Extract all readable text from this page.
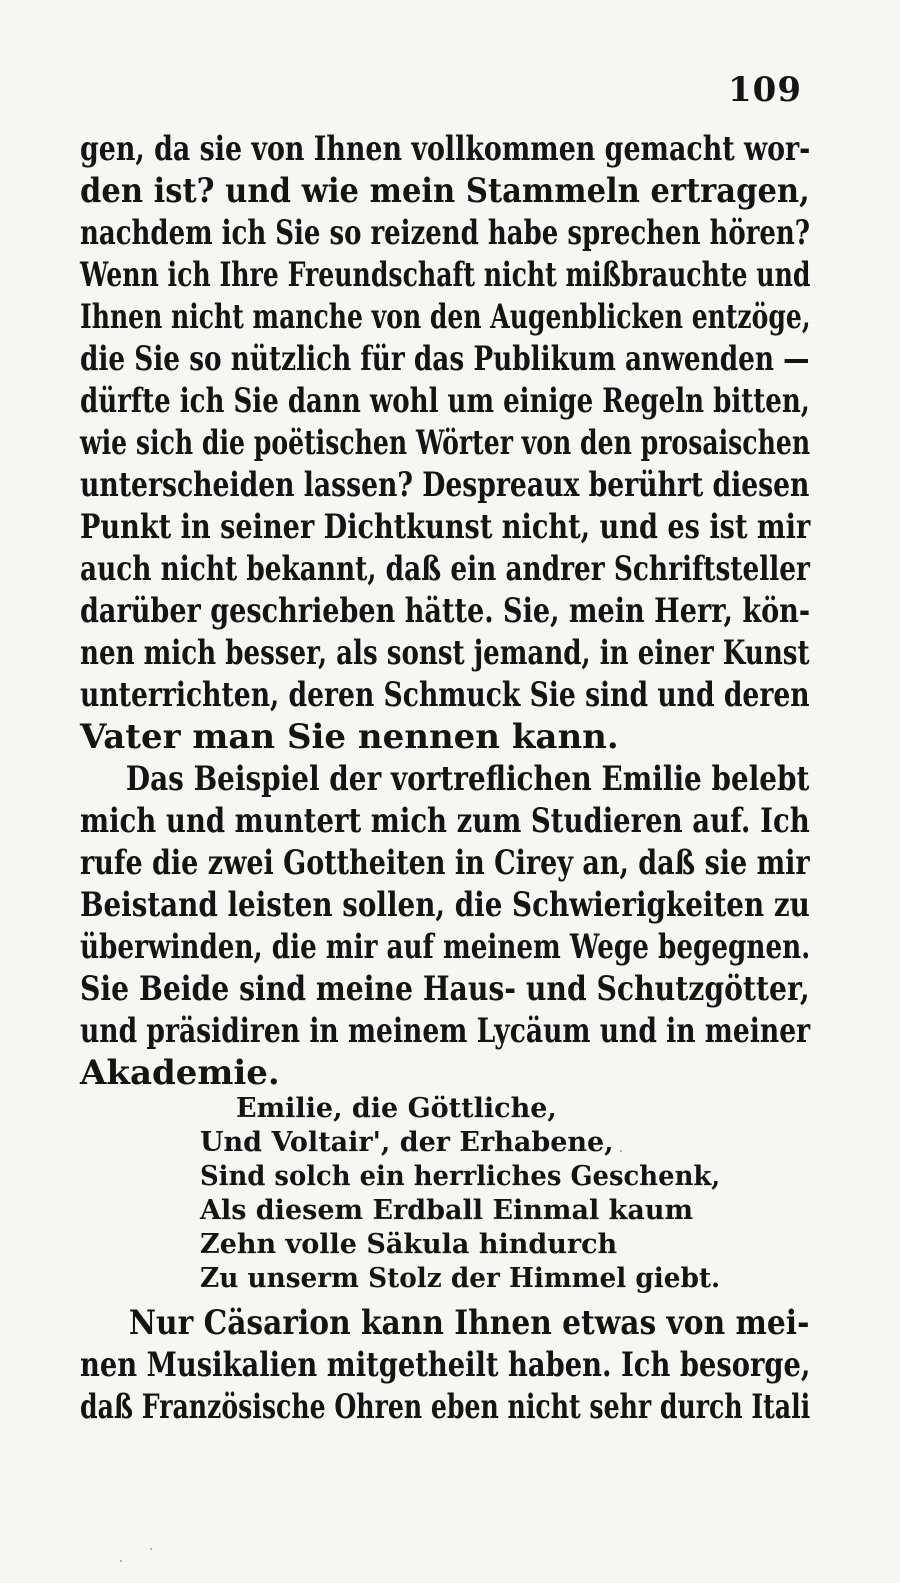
109
gen, da sie von Ihnen vollkommen gemacht wor-
den ist? und wie mein Stammeln ertragen,
nachdem ich Sie so reizend habe sprechen hören?
Wenn ich Ihre Freundschaft nicht mißbrauchte und
Ihnen nicht manche von den Augenblicken entzöge,
die Sie so nützlich für das Publikum anwenden —
dürfte ich Sie dann wohl um einige Regeln bitten,
wie sich die poëtischen Wörter von den prosaischen
unterscheiden lassen? Despreaux berührt diesen
Punkt in seiner Dichtkunst nicht, und es ist mir
auch nicht bekannt, daß ein andrer Schriftsteller
darüber geschrieben hätte. Sie, mein Herr, kön-
nen mich besser, als sonst jemand, in einer Kunst
unterrichten, deren Schmuck Sie sind und deren
Vater man Sie nennen kann.
Das Beispiel der vortreflichen Emilie belebt
mich und muntert mich zum Studieren auf. Ich
rufe die zwei Gottheiten in Cirey an, daß sie mir
Beistand leisten sollen, die Schwierigkeiten zu
überwinden, die mir auf meinem Wege begegnen.
Sie Beide sind meine Haus- und Schutzgötter,
und präsidiren in meinem Lycäum und in meiner
Akademie.
Emilie, die Göttliche,
Und Voltair', der Erhabene,
Sind solch ein herrliches Geschenk,
Als diesem Erdball Einmal kaum
Zehn volle Säkula hindurch
Zu unserm Stolz der Himmel giebt.
Nur Cäsarion kann Ihnen etwas von mei-
nen Musikalien mitgetheilt haben. Ich besorge,
daß Französische Ohren eben nicht sehr durch Itali
